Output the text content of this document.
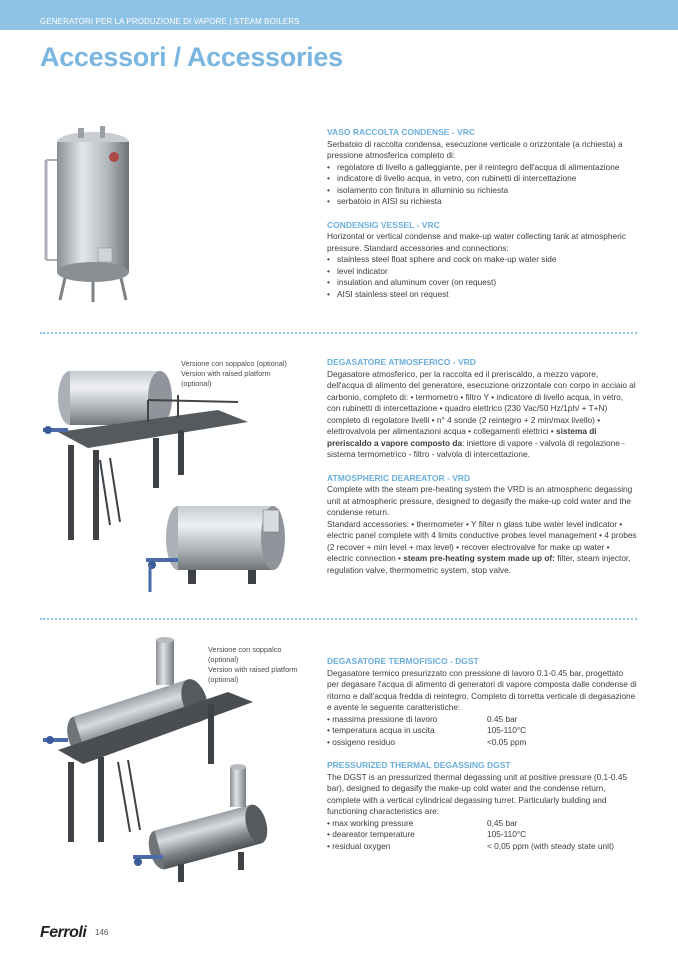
GENERATORI PER LA PRODUZIONE DI VAPORE | STEAM BOILERS
Accessori / Accessories
VASO RACCOLTA CONDENSE - VRC

Serbatoio di raccolta condensa, esecuzione verticale o orizzontale (a richiesta) a pressione atmosferica completo di:

• regolatore di livello a galleggiante, per il reintegro dell'acqua di alimentazione
• indicatore di livello acqua, in vetro, con rubinetti di intercettazione
• isolamento con finitura in alluminio su richiesta
• serbatoio in AISI su richiesta
CONDENSIG VESSEL - VRC

Horizontal or vertical condense and make-up water collecting tank at atmospheric pressure. Standard accessories and connections:

• stainless steel float sphere and cock on make-up water side
• level indicator
• insulation and aluminum cover (on request)
• AISI stainless steel on request
Versione con soppalco (optional)
Version with raised platform
(optional)
DEGASATORE ATMOSFERICO - VRD

Degasatore atmosferico, per la raccolta ed il preriscaldo, a mezzo vapore, dell'acqua di alimento del generatore, esecuzione orizzontale con corpo in acciaio al carbonio, completo di: • termometro • filtro Y • indicatore di livello acqua, in vetro, con rubinetti di intercettazione • quadro elettrico (230 Vac/50 Hz/1ph/ + T+N) completo di regolatore livelli • n° 4 sonde (2 reintegro + 2 min/max livello) • elettrovalvola per alimentazioni acqua • collegamenti elettrici • sistema di preriscaldo a vapore composto da: iniettore di vapore - valvola di regolazione - sistema termometrico - filtro - valvola di intercettazione.

ATMOSPHERIC DEAREATOR - VRD

Complete with the steam pre-heating system the VRD is an atmospheric degassing unit at atmospheric pressure, designed to degasify the make-up cold water and the condense return.

Standard accessories: • thermometer • Y filter n glass tube water level indicator • electric panel complete with 4 limits conductive probes level management • 4 probes (2 recover + min level + max level) • recover electrovalve for make up water • electric connection • steam pre-heating system made up of: filter, steam injector, regulation valve, thermometric system, stop valve.

Versione con soppalco
(optional)
Version with raised platform
(optional)
DEGASATORE TERMOFISICO - DGST

Degasatore termico presurizzato con pressione di lavoro 0.1-0.45 bar, progettato per degasare l'acqua di alimento di generatori di vapore composta dalle condense di ritorno e dall'acqua fredda di reintegro. Completo di torretta verticale di degasazione e avente le seguente caratteristiche:

• massima pressione di lavoro	0.45 bar
• temperatura acqua in uscita	105-110°C
• ossigeno residuo	<0.05 ppm
PRESSURIZED THERMAL DEGASSING DGST

The DGST is an pressurized thermal degassing unit at positive pressure (0.1-0.45 bar), designed to degasify the make-up cold water and the condense return, complete with a vertical cylindrical degassing turret. Particularly building and functioning characteristics are:

• max working pressure	0,45 bar
• deareator temperature	105-110°C
• residual oxygen	< 0,05 ppm (with steady state unit)
Ferroli 146
